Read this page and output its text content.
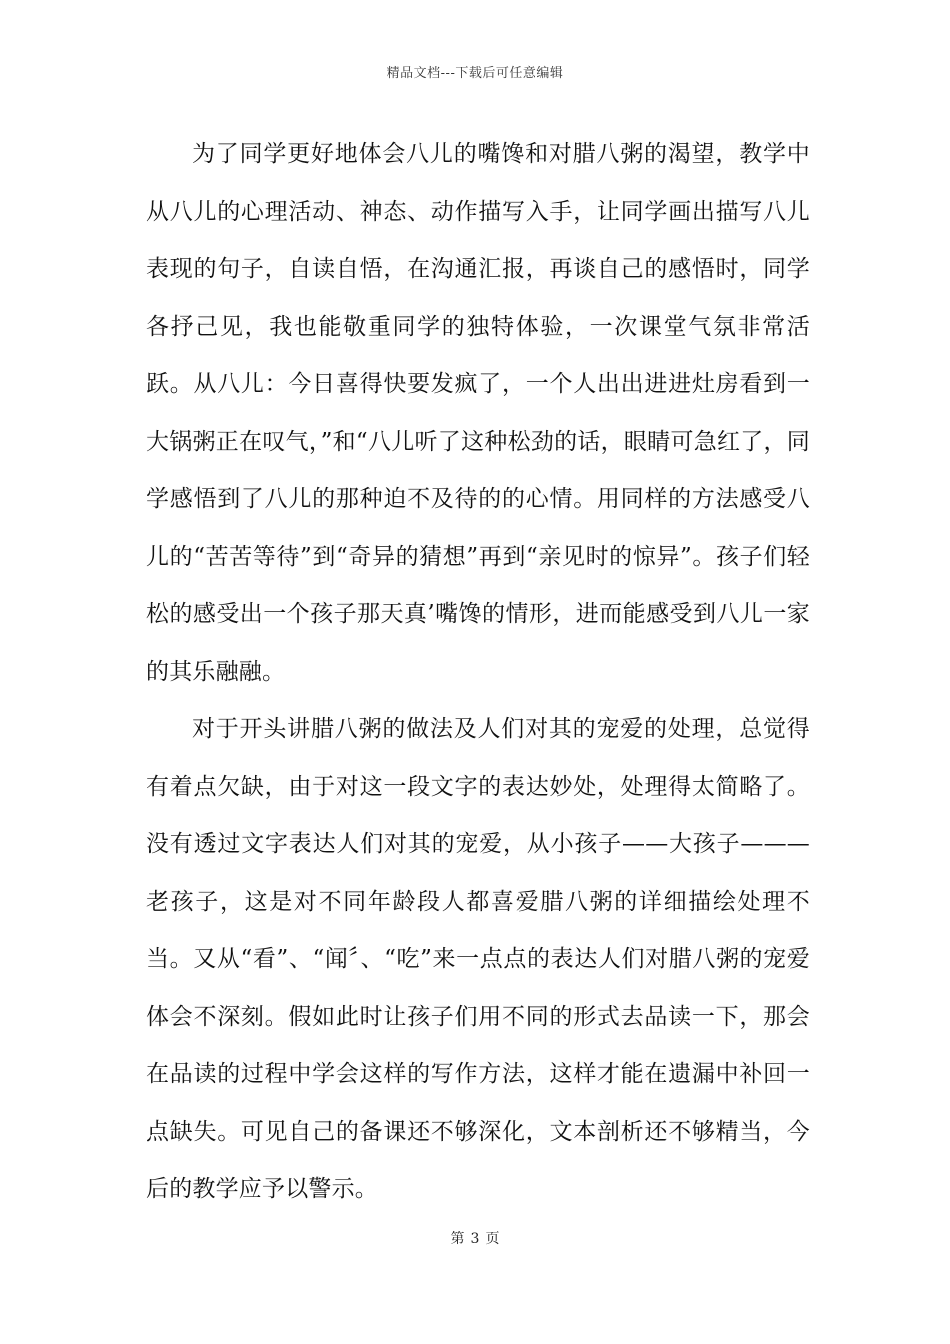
精品文档---下载后可任意编辑

为了同学更好地体会八儿的嘴馋和对腊八粥的渴望，教学中从八儿的心理活动、神态、动作描写入手，让同学画出描写八儿表现的句子，自读自悟，在沟通汇报，再谈自己的感悟时，同学各抒己见，我也能敬重同学的独特体验，一次课堂气氛非常活跃。从八儿：今日喜得快要发疯了，一个人出出进进灶房看到一大锅粥正在叹气，”和“八儿听了这种松劲的话，眼睛可急红了，同学感悟到了八儿的那种迫不及待的的心情。用同样的方法感受八儿的“苦苦等待”到“奇异的猜想”再到“亲见时的惊异”。孩子们轻松的感受出一个孩子那天真’嘴馋的情形，进而能感受到八儿一家的其乐融融。

对于开头讲腊八粥的做法及人们对其的宠爱的处理，总觉得有着点欠缺，由于对这一段文字的表达妙处，处理得太简略了。没有透过文字表达人们对其的宠爱，从小孩子——大孩子———老孩子，这是对不同年龄段人都喜爱腊八粥的详细描绘处理不当。又从“看”、“闻〞、“吃”来一点点的表达人们对腊八粥的宠爱体会不深刻。假如此时让孩子们用不同的形式去品读一下，那会在品读的过程中学会这样的写作方法，这样才能在遗漏中补回一点缺失。可见自己的备课还不够深化，文本剖析还不够精当，今后的教学应予以警示。

第 3 页
